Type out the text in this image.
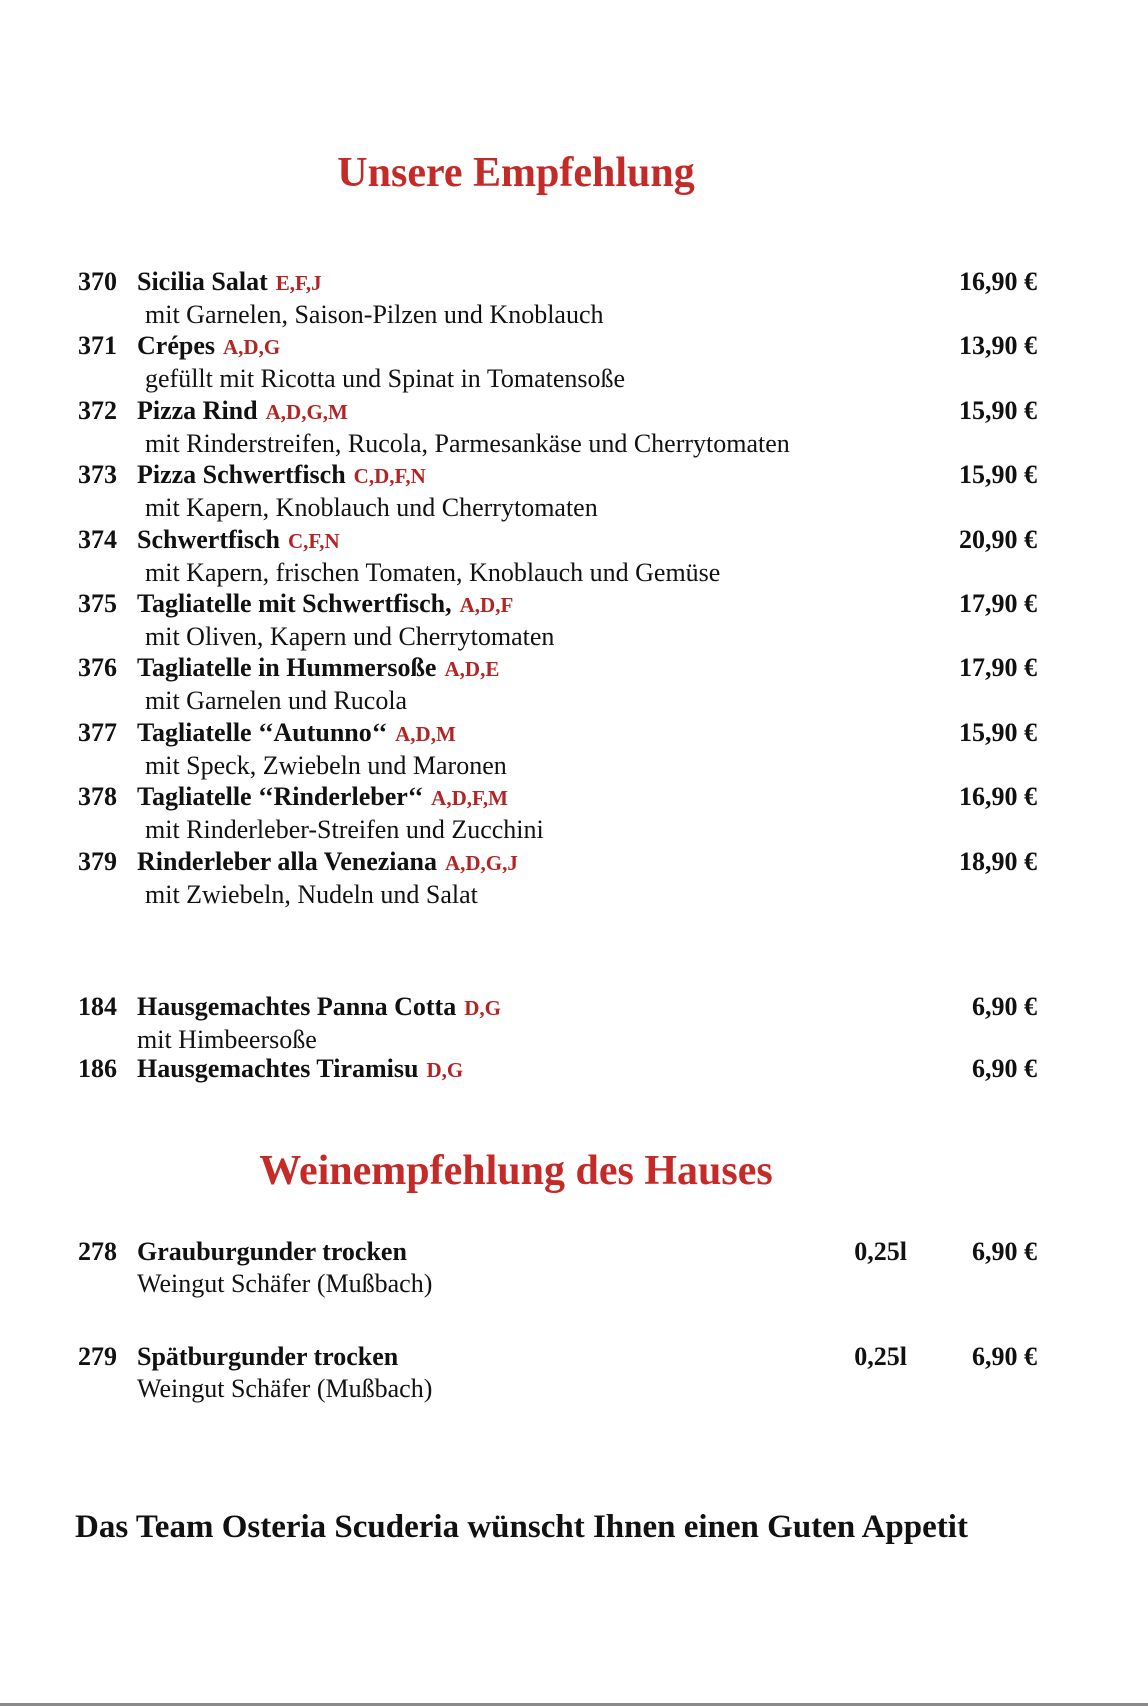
Unsere Empfehlung
370 Sicilia Salat E,F,J	16,90 €
mit Garnelen, Saison-Pilzen und Knoblauch
371 Crépes A,D,G	13,90 €
gefüllt mit Ricotta und Spinat in Tomatensoße
372 Pizza Rind A,D,G,M	15,90 €
mit Rinderstreifen, Rucola, Parmesankäse und Cherrytomaten
373 Pizza Schwertfisch C,D,F,N	15,90 €
mit Kapern, Knoblauch und Cherrytomaten
374 Schwertfisch C,F,N	20,90 €
mit Kapern, frischen Tomaten, Knoblauch und Gemüse
375 Tagliatelle mit Schwertfisch, A,D,F	17,90 €
mit Oliven, Kapern und Cherrytomaten
376 Tagliatelle in Hummersoße A,D,E	17,90 €
mit Garnelen und Rucola
377 Tagliatelle ‘‘Autunno‘‘ A,D,M	15,90 €
mit Speck, Zwiebeln und Maronen
378 Tagliatelle ‘‘Rinderleber‘‘ A,D,F,M	16,90 €
mit Rinderleber-Streifen und Zucchini
379 Rinderleber alla Veneziana A,D,G,J	18,90 €
mit Zwiebeln, Nudeln und Salat
184 Hausgemachtes Panna Cotta D,G	6,90 €
mit Himbeersoße
186 Hausgemachtes Tiramisu D,G	6,90 €
Weinempfehlung des Hauses
278 Grauburgunder trocken	0,25l	6,90 €
Weingut Schäfer (Mußbach)
279 Spätburgunder trocken	0,25l	6,90 €
Weingut Schäfer (Mußbach)
Das Team Osteria Scuderia wünscht Ihnen einen Guten Appetit
